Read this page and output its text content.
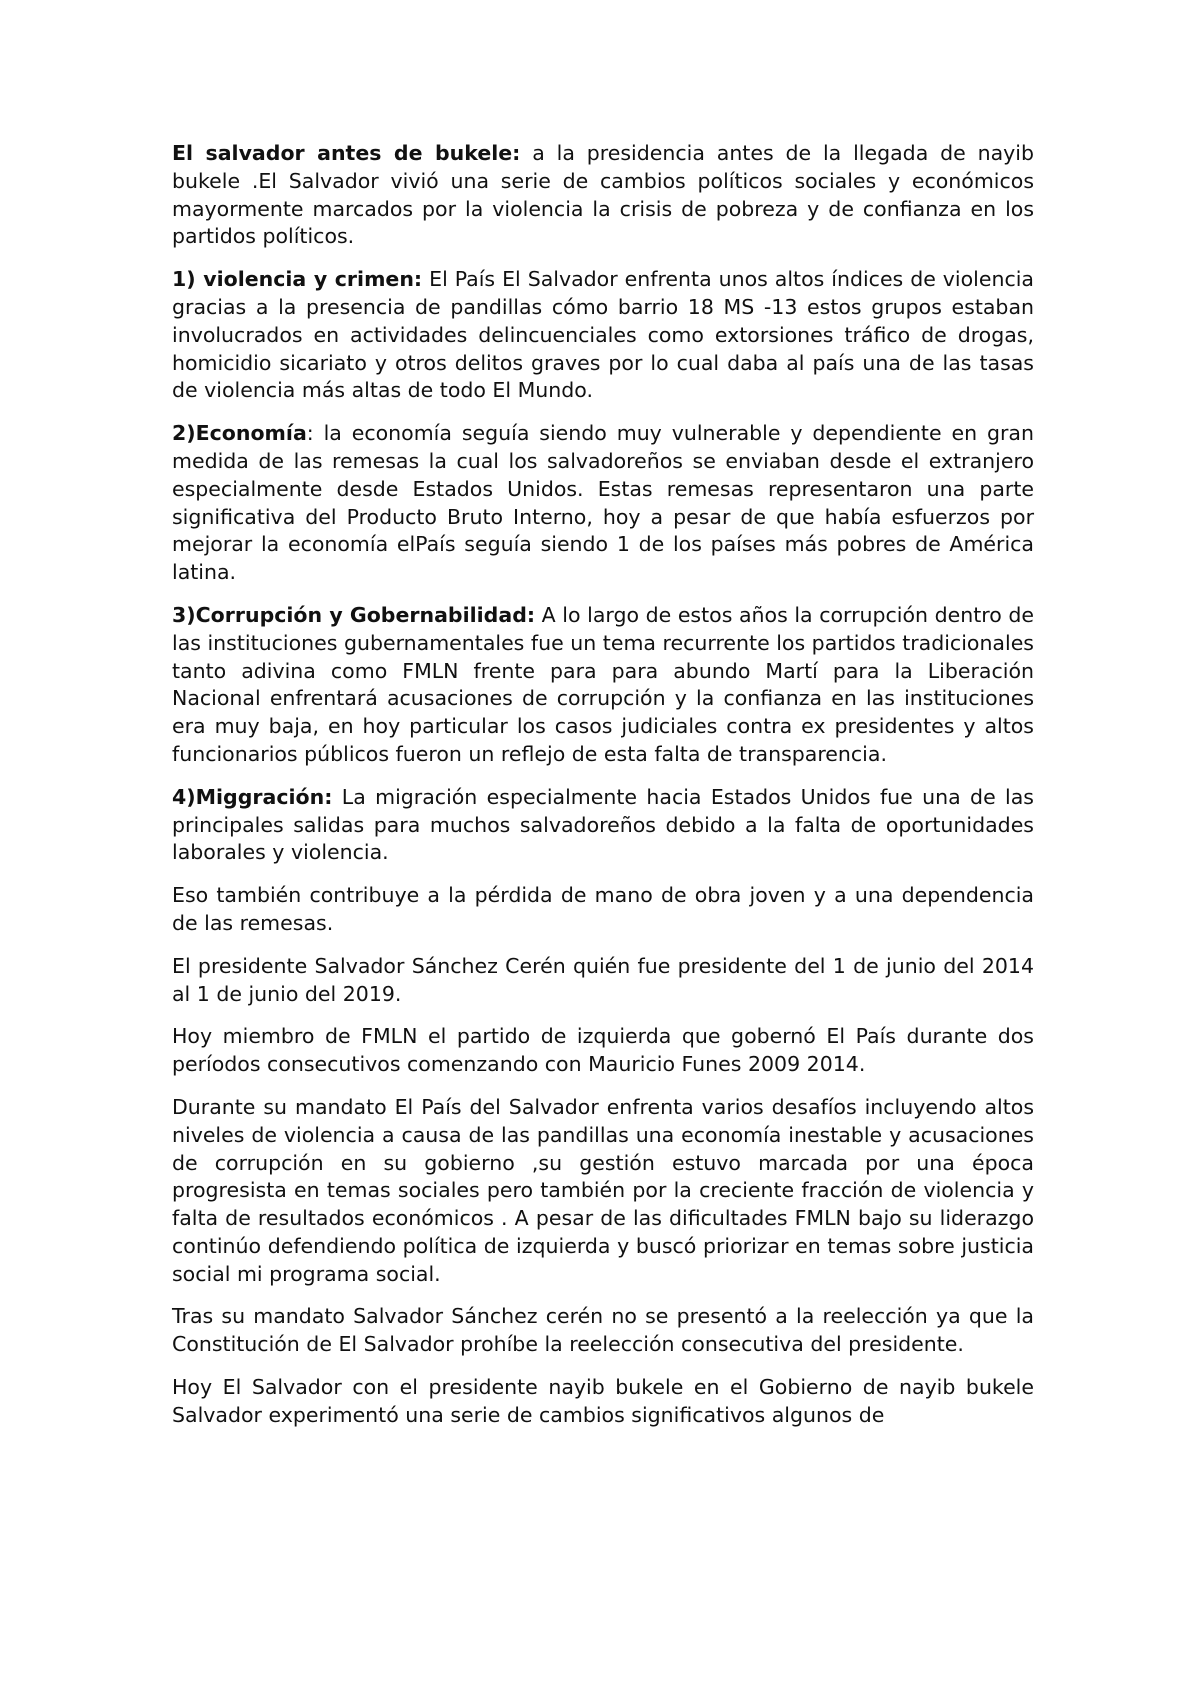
El salvador antes de bukele: a la presidencia antes de la llegada de nayib bukele .El Salvador vivió una serie de cambios políticos sociales y económicos mayormente marcados por la violencia la crisis de pobreza y de confianza en los partidos políticos.

1) violencia y crimen: El País El Salvador enfrenta unos altos índices de violencia gracias a la presencia de pandillas cómo barrio 18 MS -13 estos grupos estaban involucrados en actividades delincuenciales como extorsiones tráfico de drogas, homicidio sicariato y otros delitos graves por lo cual daba al país una de las tasas de violencia más altas de todo El Mundo.

2)Economía: la economía seguía siendo muy vulnerable y dependiente en gran medida de las remesas la cual los salvadoreños se enviaban desde el extranjero especialmente desde Estados Unidos. Estas remesas representaron una parte significativa del Producto Bruto Interno, hoy a pesar de que había esfuerzos por mejorar la economía elPaís seguía siendo 1 de los países más pobres de América latina.

3)Corrupción y Gobernabilidad: A lo largo de estos años la corrupción dentro de las instituciones gubernamentales fue un tema recurrente los partidos tradicionales tanto adivina como FMLN frente para para abundo Martí para la Liberación Nacional enfrentará acusaciones de corrupción y la confianza en las instituciones era muy baja, en hoy particular los casos judiciales contra ex presidentes y altos funcionarios públicos fueron un reflejo de esta falta de transparencia.

4)Miggración: La migración especialmente hacia Estados Unidos fue una de las principales salidas para muchos salvadoreños debido a la falta de oportunidades laborales y violencia.

Eso también contribuye a la pérdida de mano de obra joven y a una dependencia de las remesas.

El presidente Salvador Sánchez Cerén quién fue presidente del 1 de junio del 2014 al 1 de junio del 2019.

Hoy miembro de FMLN el partido de izquierda que gobernó El País durante dos períodos consecutivos comenzando con Mauricio Funes 2009 2014.

Durante su mandato El País del Salvador enfrenta varios desafíos incluyendo altos niveles de violencia a causa de las pandillas una economía inestable y acusaciones de corrupción en su gobierno ,su gestión estuvo marcada por una época progresista en temas sociales pero también por la creciente fracción de violencia y falta de resultados económicos . A pesar de las dificultades FMLN bajo su liderazgo continúo defendiendo política de izquierda y buscó priorizar en temas sobre justicia social mi programa social.

Tras su mandato Salvador Sánchez cerén no se presentó a la reelección ya que la Constitución de El Salvador prohíbe la reelección consecutiva del presidente.

Hoy El Salvador con el presidente nayib bukele en el Gobierno de nayib bukele Salvador experimentó una serie de cambios significativos algunos de
